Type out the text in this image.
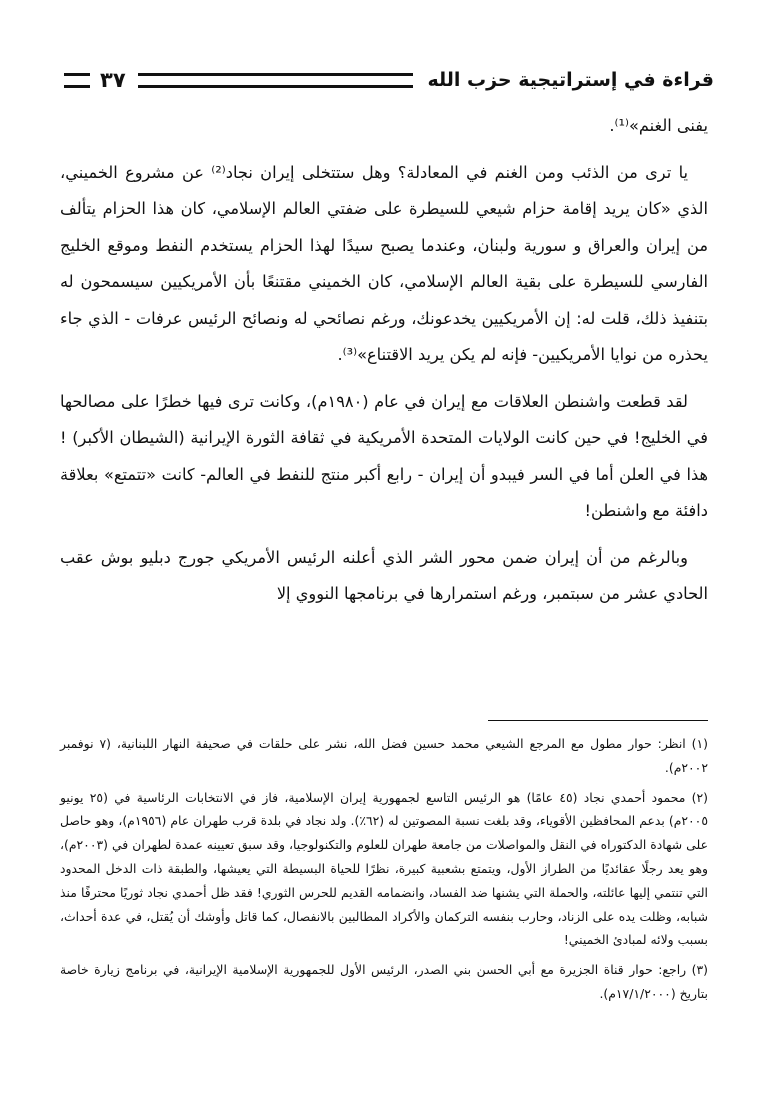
قراءة في إستراتيجية حزب الله
٣٧

يفنى الغنم»⁽¹⁾.

يا ترى من الذئب ومن الغنم في المعادلة؟ وهل ستتخلى إيران نجاد⁽²⁾ عن مشروع الخميني، الذي «كان يريد إقامة حزام شيعي للسيطرة على ضفتي العالم الإسلامي، كان هذا الحزام يتألف من إيران والعراق و سورية ولبنان، وعندما يصبح سيدًا لهذا الحزام يستخدم النفط وموقع الخليج الفارسي للسيطرة على بقية العالم الإسلامي، كان الخميني مقتنعًا بأن الأمريكيين سيسمحون له بتنفيذ ذلك، قلت له: إن الأمريكيين يخدعونك، ورغم نصائحي له ونصائح الرئيس عرفات - الذي جاء يحذره من نوايا الأمريكيين- فإنه لم يكن يريد الاقتناع»⁽³⁾.

لقد قطعت واشنطن العلاقات مع إيران في عام (١٩٨٠م)، وكانت ترى فيها خطرًا على مصالحها في الخليج! في حين كانت الولايات المتحدة الأمريكية في ثقافة الثورة الإيرانية (الشيطان الأكبر) ! هذا في العلن أما في السر فيبدو أن إيران - رابع أكبر منتج للنفط في العالم- كانت «تتمتع» بعلاقة دافئة مع واشنطن!

وبالرغم من أن إيران ضمن محور الشر الذي أعلنه الرئيس الأمريكي جورج دبليو بوش عقب الحادي عشر من سبتمبر، ورغم استمرارها في برنامجها النووي إلا

(١) انظر: حوار مطول مع المرجع الشيعي محمد حسين فضل الله، نشر على حلقات في صحيفة النهار اللبنانية، (٧ نوفمبر ٢٠٠٢م).

(٢) محمود أحمدي نجاد (٤٥ عامًا) هو الرئيس التاسع لجمهورية إيران الإسلامية، فاز في الانتخابات الرئاسية في (٢٥ يونيو ٢٠٠٥م) بدعم المحافظين الأقوياء، وقد بلغت نسبة المصوتين له (٦٢٪). ولد نجاد في بلدة قرب طهران عام (١٩٥٦م)، وهو حاصل على شهادة الدكتوراه في النقل والمواصلات من جامعة طهران للعلوم والتكنولوجيا، وقد سبق تعيينه عمدة لطهران في (٢٠٠٣م)، وهو يعد رجلًا عقائديًا من الطراز الأول، ويتمتع بشعبية كبيرة، نظرًا للحياة البسيطة التي يعيشها، والطبقة ذات الدخل المحدود التي تنتمي إليها عائلته، والحملة التي يشنها ضد الفساد، وانضمامه القديم للحرس الثوري! فقد ظل أحمدي نجاد ثوريًا محترفًا منذ شبابه، وظلت يده على الزناد، وحارب بنفسه التركمان والأكراد المطالبين بالانفصال، كما قاتل وأوشك أن يُقتل، في عدة أحداث، بسبب ولائه لمبادئ الخميني!

(٣) راجع: حوار قناة الجزيرة مع أبي الحسن بني الصدر، الرئيس الأول للجمهورية الإسلامية الإيرانية، في برنامج زيارة خاصة بتاريخ (١٧/١/٢٠٠٠م).
